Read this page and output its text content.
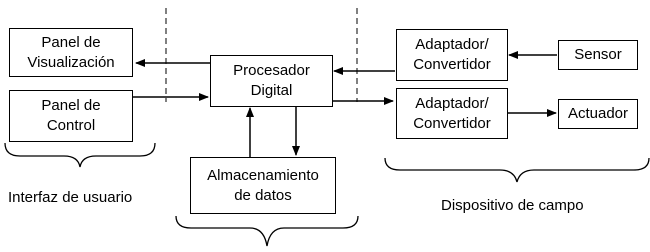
Panel de
Visualización
Panel de
Control
Procesador
Digital
Almacenamiento
de datos
Adaptador/
Convertidor
Adaptador/
Convertidor
Sensor
Actuador
Interfaz de usuario	Dispositivo de campo
